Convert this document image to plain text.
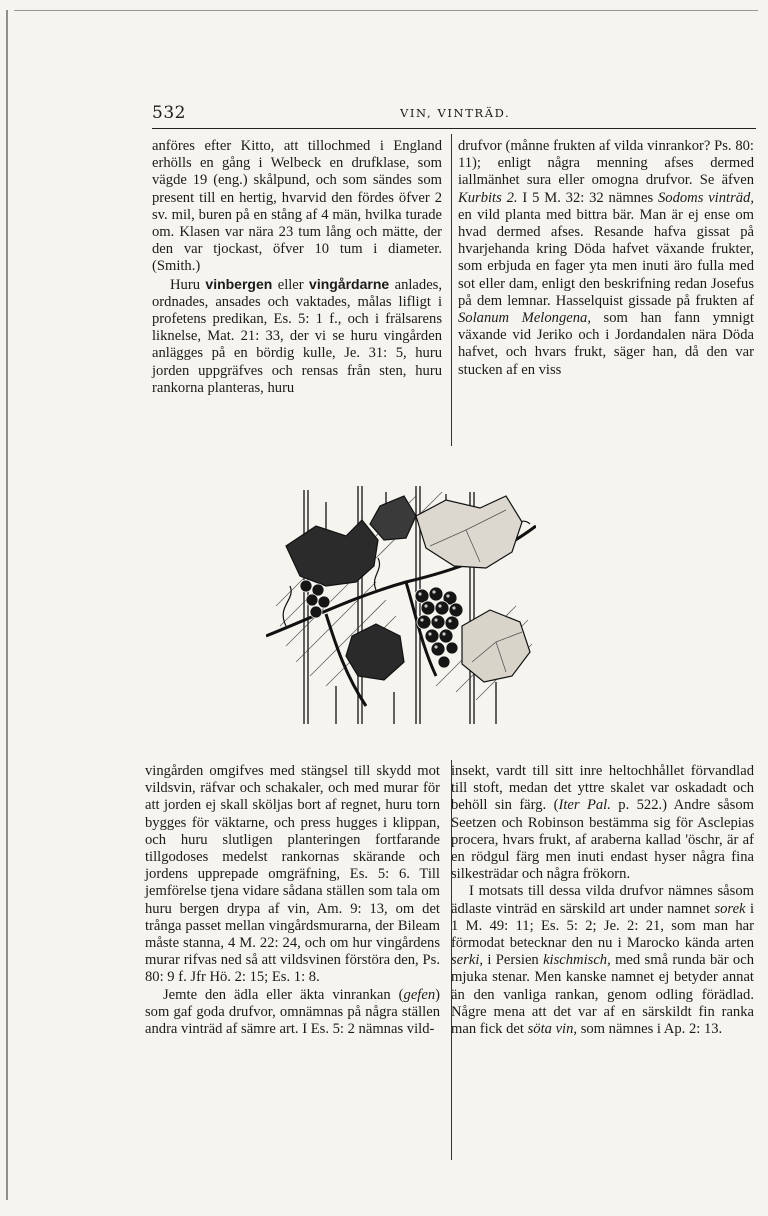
532	VIN, VINTRÄD.

anföres efter Kitto, att tillochmed i England erhölls en gång i Welbeck en drufklase, som vägde 19 (eng.) skålpund, och som sändes som present till en hertig, hvarvid den fördes öfver 2 sv. mil, buren på en stång af 4 män, hvilka turade om. Klasen var nära 23 tum lång och mätte, der den var tjockast, öfver 10 tum i diameter. (Smith.)

Huru vinbergen eller vingårdarne anlades, ordnades, ansades och vaktades, målas lifligt i profetens predikan, Es. 5: 1 f., och i frälsarens liknelse, Mat. 21: 33, der vi se huru vingården anlägges på en bördig kulle, Je. 31: 5, huru jorden uppgräfves och rensas från sten, huru rankorna planteras, huru

drufvor (månne frukten af vilda vinrankor? Ps. 80: 11); enligt några menning afses dermed iallmänhet sura eller omogna drufvor. Se äfven Kurbits 2. I 5 M. 32: 32 nämnes Sodoms vinträd, en vild planta med bittra bär. Man är ej ense om hvad dermed afses. Resande hafva gissat på hvarjehanda kring Döda hafvet växande frukter, som erbjuda en fager yta men inuti äro fulla med sot eller dam, enligt den beskrifning redan Josefus på dem lemnar. Hasselquist gissade på frukten af Solanum Melongena, som han fann ymnigt växande vid Jeriko och i Jordandalen nära Döda hafvet, och hvars frukt, säger han, då den var stucken af en viss

vingården omgifves med stängsel till skydd mot vildsvin, räfvar och schakaler, och med murar för att jorden ej skall sköljas bort af regnet, huru torn bygges för väktarne, och press hugges i klippan, och huru slutligen planteringen fortfarande tillgodoses medelst rankornas skärande och jordens upprepade omgräfning, Es. 5: 6. Till jemförelse tjena vidare sådana ställen som tala om huru bergen drypa af vin, Am. 9: 13, om det trånga passet mellan vingårdsmurarna, der Bileam måste stanna, 4 M. 22: 24, och om hur vingårdens murar rifvas ned så att vildsvinen förstöra den, Ps. 80: 9 f. Jfr Hö. 2: 15; Es. 1: 8.

Jemte den ädla eller äkta vinrankan (gefen) som gaf goda drufvor, omnämnas på några ställen andra vinträd af sämre art. I Es. 5: 2 nämnas vild-

insekt, vardt till sitt inre heltochhållet förvandlad till stoft, medan det yttre skalet var oskadadt och behöll sin färg. (Iter Pal. p. 522.) Andre såsom Seetzen och Robinson bestämma sig för Asclepias procera, hvars frukt, af araberna kallad 'öschr, är af en rödgul färg men inuti endast hyser några fina silkesträdar och några frökorn.

I motsats till dessa vilda drufvor nämnes såsom ädlaste vinträd en särskild art under namnet sorek i 1 M. 49: 11; Es. 5: 2; Je. 2: 21, som man har förmodat betecknar den nu i Marocko kända arten serki, i Persien kischmisch, med små runda bär och mjuka stenar. Men kanske namnet ej betyder annat än den vanliga rankan, genom odling förädlad. Någre mena att det var af en särskildt fin ranka man fick det söta vin, som nämnes i Ap. 2: 13.
